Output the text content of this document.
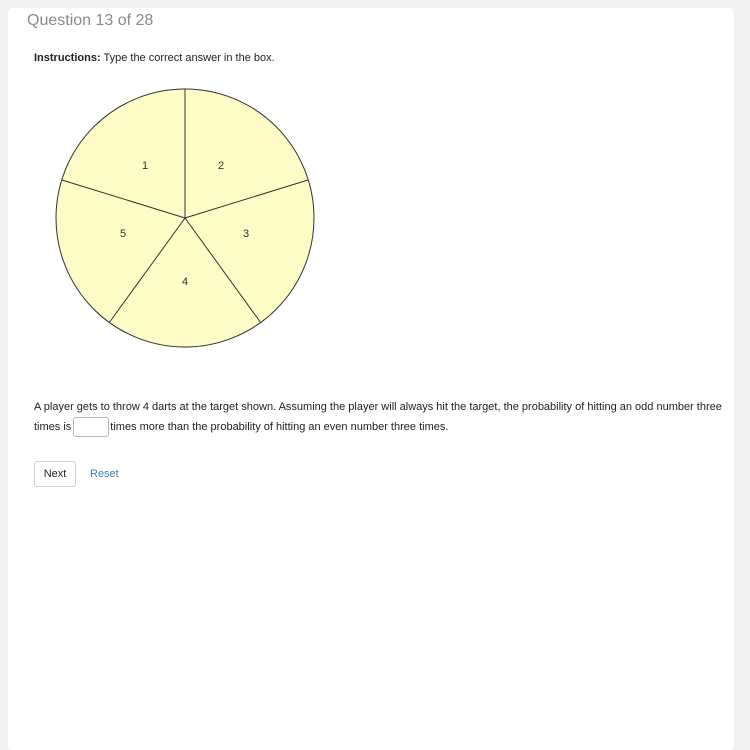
Question 13 of 28
Instructions: Type the correct answer in the box.
1	2
3
4
5
A player gets to throw 4 darts at the target shown. Assuming the player will always hit the target, the probability of hitting an odd number three times is	times more than the probability of hitting an even number three times.
Next	Reset
